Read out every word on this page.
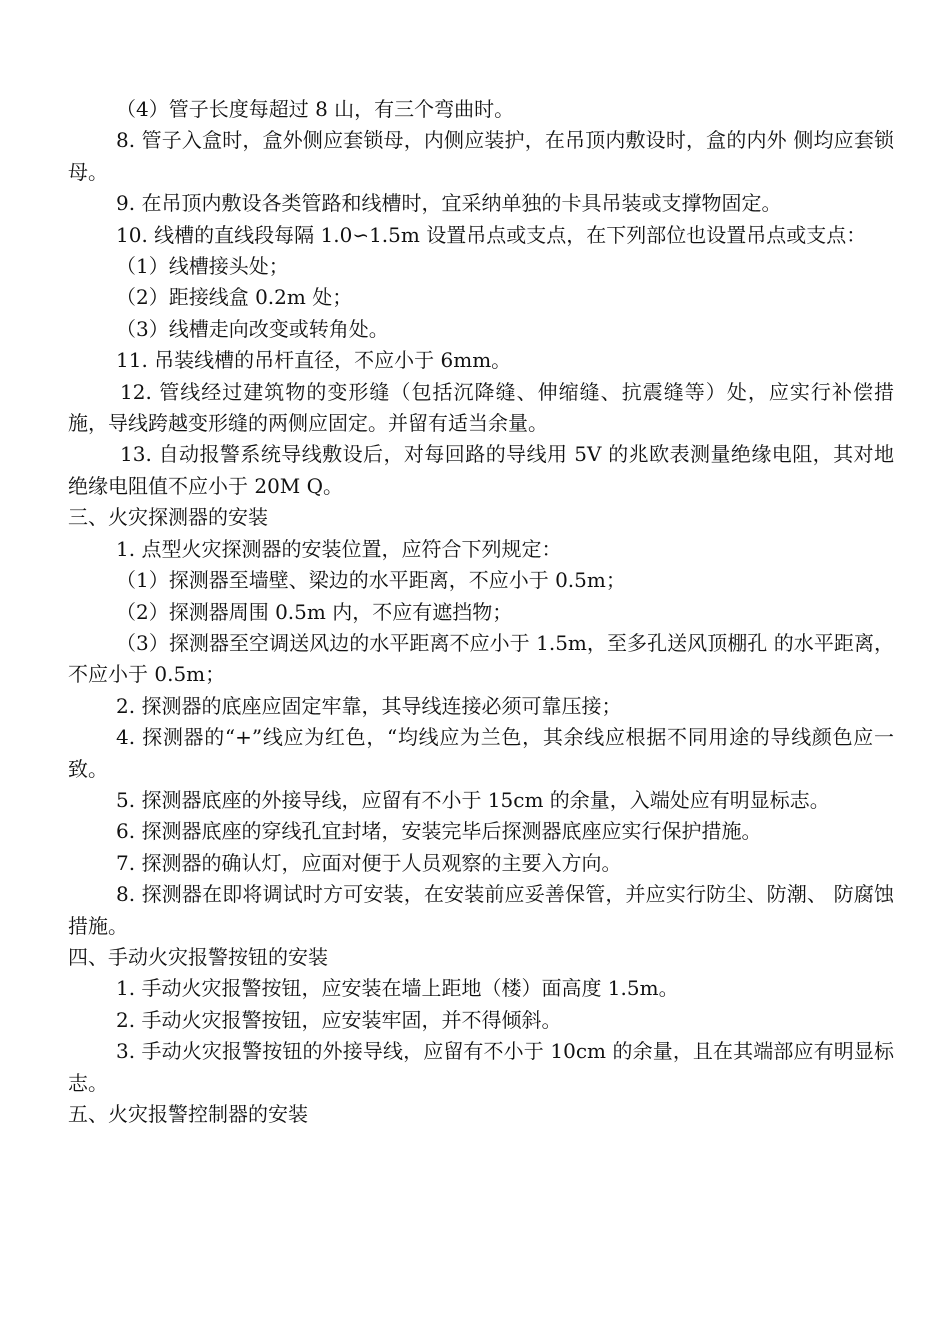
（4）管子长度每超过 8 山，有三个弯曲时。

8. 管子入盒时，盒外侧应套锁母，内侧应装护，在吊顶内敷设时，盒的内外 侧均应套锁母。

9. 在吊顶内敷设各类管路和线槽时，宜采纳单独的卡具吊装或支撑物固定。

10. 线槽的直线段每隔 1.0∽1.5m 设置吊点或支点，在下列部位也设置吊点或支点：

（1）线槽接头处；

（2）距接线盒 0.2m 处；

（3）线槽走向改变或转角处。

11. 吊装线槽的吊杆直径，不应小于 6mm。

12. 管线经过建筑物的变形缝（包括沉降缝、伸缩缝、抗震缝等）处，应实行补偿措施，导线跨越变形缝的两侧应固定。并留有适当余量。

13. 自动报警系统导线敷设后，对每回路的导线用 5V 的兆欧表测量绝缘电阻，其对地绝缘电阻值不应小于 20M Q。

三、火灾探测器的安装

1. 点型火灾探测器的安装位置，应符合下列规定：

（1）探测器至墙壁、梁边的水平距离，不应小于 0.5m；

（2）探测器周围 0.5m 内，不应有遮挡物；

（3）探测器至空调送风边的水平距离不应小于 1.5m，至多孔送风顶棚孔 的水平距离，不应小于 0.5m；

2. 探测器的底座应固定牢靠，其导线连接必须可靠压接；

4. 探测器的“+”线应为红色，“均线应为兰色，其余线应根据不同用途的导线颜色应一致。

5. 探测器底座的外接导线，应留有不小于 15cm 的余量，入端处应有明显标志。

6. 探测器底座的穿线孔宜封堵，安装完毕后探测器底座应实行保护措施。

7. 探测器的确认灯，应面对便于人员观察的主要入方向。

8. 探测器在即将调试时方可安装，在安装前应妥善保管，并应实行防尘、防潮、 防腐蚀措施。

四、手动火灾报警按钮的安装

1. 手动火灾报警按钮，应安装在墙上距地（楼）面高度 1.5m。

2. 手动火灾报警按钮，应安装牢固，并不得倾斜。

3. 手动火灾报警按钮的外接导线，应留有不小于 10cm 的余量，且在其端部应有明显标志。

五、火灾报警控制器的安装
